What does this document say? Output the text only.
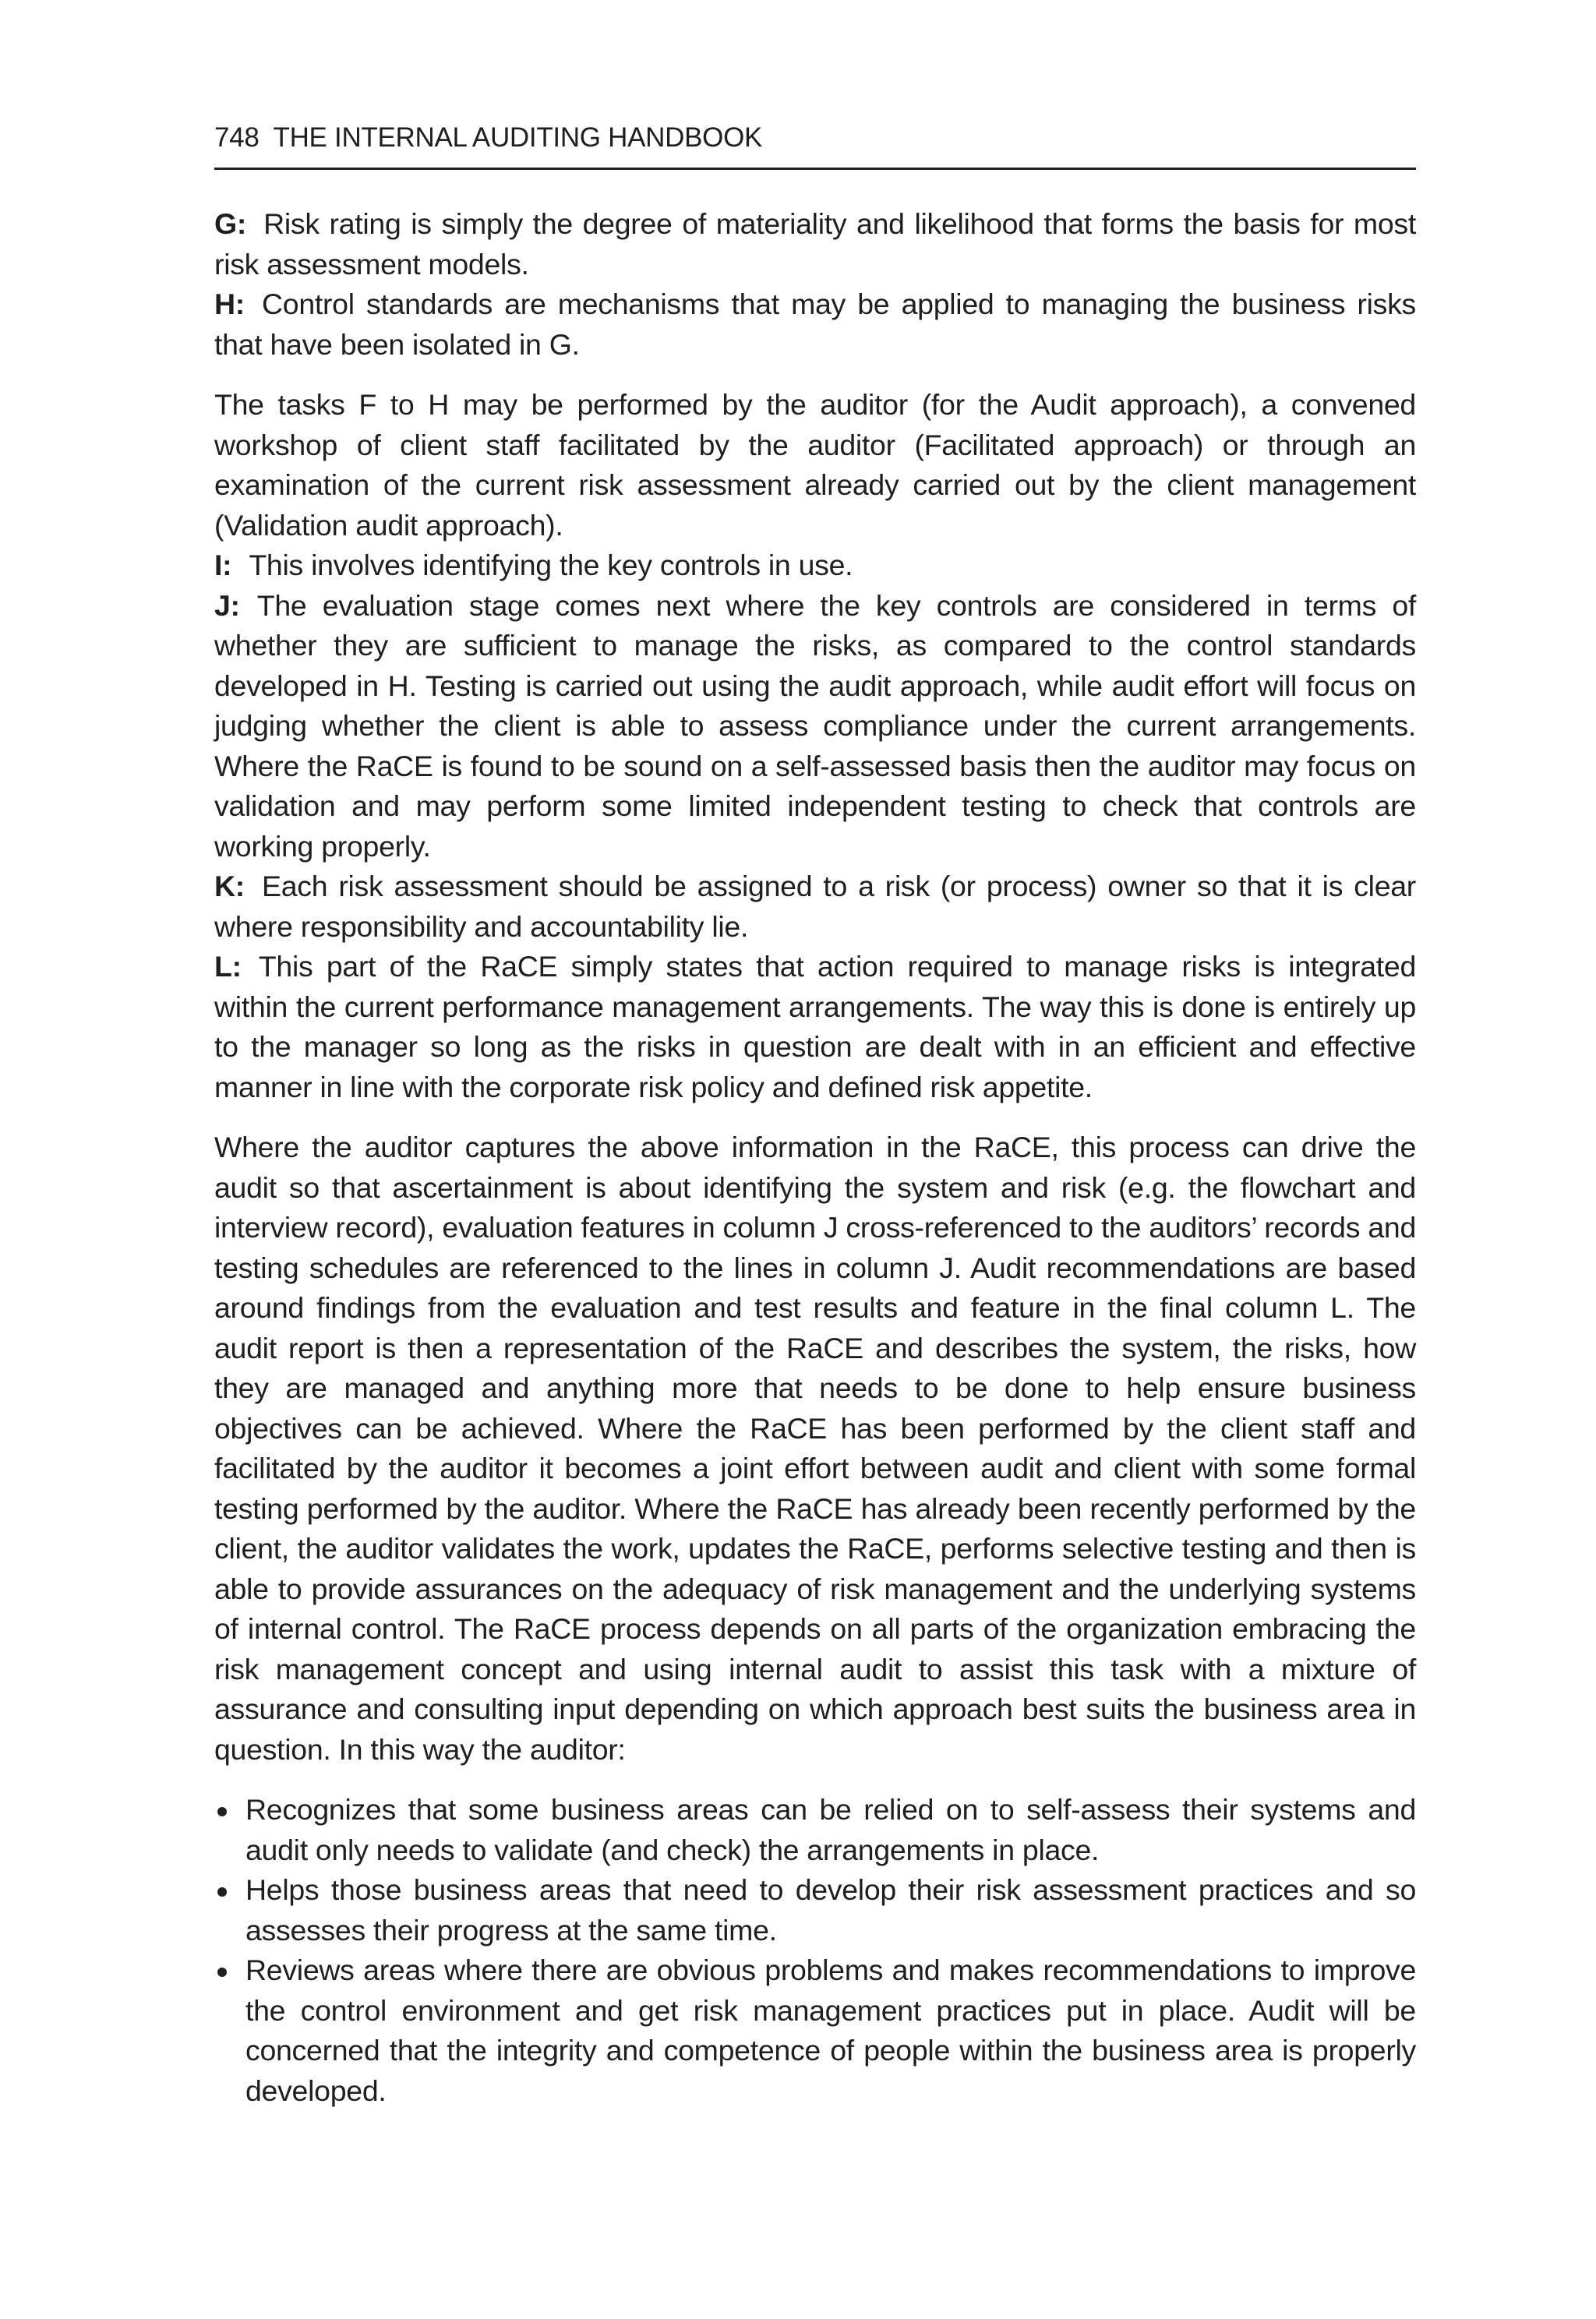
748 THE INTERNAL AUDITING HANDBOOK

G: Risk rating is simply the degree of materiality and likelihood that forms the basis for most risk assessment models.

H: Control standards are mechanisms that may be applied to managing the business risks that have been isolated in G.

The tasks F to H may be performed by the auditor (for the Audit approach), a convened workshop of client staff facilitated by the auditor (Facilitated approach) or through an examination of the current risk assessment already carried out by the client management (Validation audit approach).

I: This involves identifying the key controls in use.

J: The evaluation stage comes next where the key controls are considered in terms of whether they are sufficient to manage the risks, as compared to the control standards developed in H. Testing is carried out using the audit approach, while audit effort will focus on judging whether the client is able to assess compliance under the current arrangements. Where the RaCE is found to be sound on a self-assessed basis then the auditor may focus on validation and may perform some limited independent testing to check that controls are working properly.

K: Each risk assessment should be assigned to a risk (or process) owner so that it is clear where responsibility and accountability lie.

L: This part of the RaCE simply states that action required to manage risks is integrated within the current performance management arrangements. The way this is done is entirely up to the manager so long as the risks in question are dealt with in an efficient and effective manner in line with the corporate risk policy and defined risk appetite.

Where the auditor captures the above information in the RaCE, this process can drive the audit so that ascertainment is about identifying the system and risk (e.g. the flowchart and interview record), evaluation features in column J cross-referenced to the auditors’ records and testing schedules are referenced to the lines in column J. Audit recommendations are based around findings from the evaluation and test results and feature in the final column L. The audit report is then a representation of the RaCE and describes the system, the risks, how they are managed and anything more that needs to be done to help ensure business objectives can be achieved. Where the RaCE has been performed by the client staff and facilitated by the auditor it becomes a joint effort between audit and client with some formal testing performed by the auditor. Where the RaCE has already been recently performed by the client, the auditor validates the work, updates the RaCE, performs selective testing and then is able to provide assurances on the adequacy of risk management and the underlying systems of internal control. The RaCE process depends on all parts of the organization embracing the risk management concept and using internal audit to assist this task with a mixture of assurance and consulting input depending on which approach best suits the business area in question. In this way the auditor:

Recognizes that some business areas can be relied on to self-assess their systems and audit only needs to validate (and check) the arrangements in place.
Helps those business areas that need to develop their risk assessment practices and so assesses their progress at the same time.
Reviews areas where there are obvious problems and makes recommendations to improve the control environment and get risk management practices put in place. Audit will be concerned that the integrity and competence of people within the business area is properly developed.
